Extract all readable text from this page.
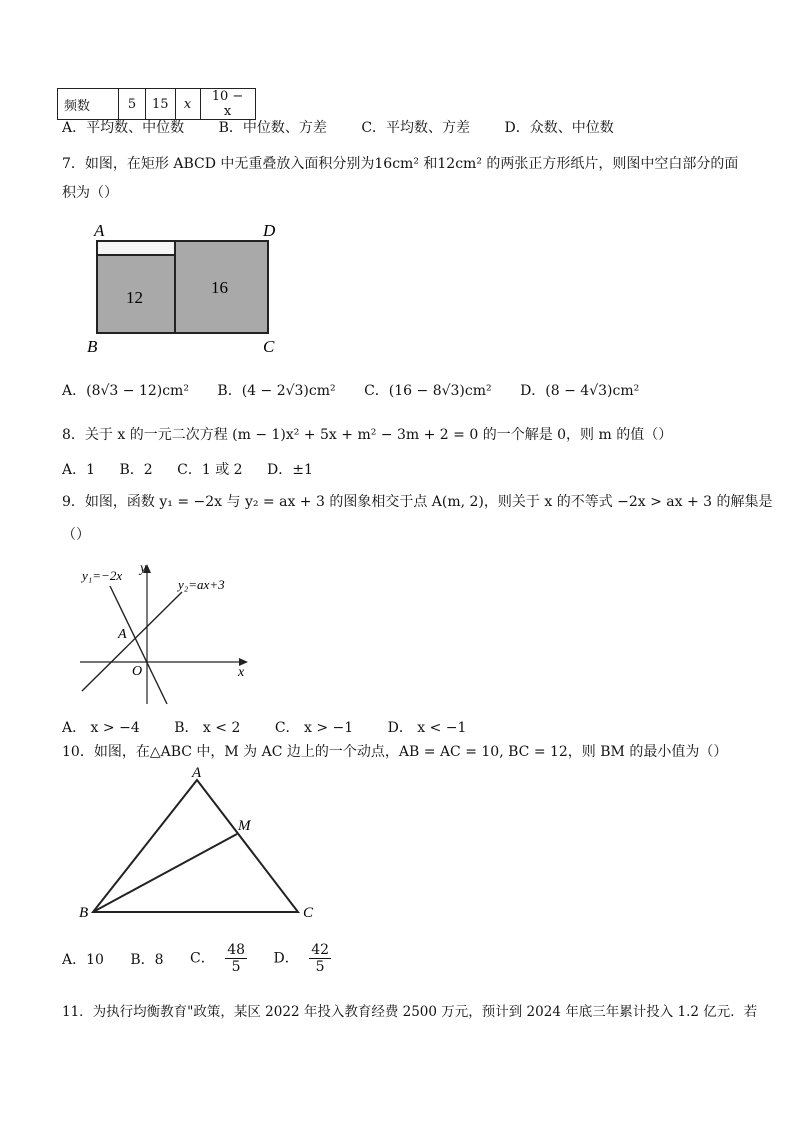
频数	5	15	x	10 − x
A．平均数、中位数 B．中位数、方差 C．平均数、方差 D．众数、中位数
7．如图，在矩形 ABCD 中无重叠放入面积分别为16cm² 和12cm² 的两张正方形纸片，则图中空白部分的面
积为（）
A	D
B	C
12
16
A．(8√3 − 12)cm² B．(4 − 2√3)cm² C．(16 − 8√3)cm² D．(8 − 4√3)cm²
8．关于 x 的一元二次方程 (m − 1)x² + 5x + m² − 3m + 2 = 0 的一个解是 0，则 m 的值（）
A．1 B．2 C．1 或 2 D．±1
9．如图，函数 y₁ = −2x 与 y₂ = ax + 3 的图象相交于点 A(m, 2)，则关于 x 的不等式 −2x > ax + 3 的解集是
（）
y₁=−2x
y₂=ax+3
y
x
O
A
A． x > −4 B． x < 2 C． x > −1 D． x < −1
10．如图，在△ABC 中，M 为 AC 边上的一个动点，AB = AC = 10, BC = 12，则 BM 的最小值为（）
A
B	C
M
A．10 B．8 C． $\frac{48}{5}$ D． $\frac{42}{5}$
11．为执行均衡教育"政策，某区 2022 年投入教育经费 2500 万元，预计到 2024 年底三年累计投入 1.2 亿元．若
